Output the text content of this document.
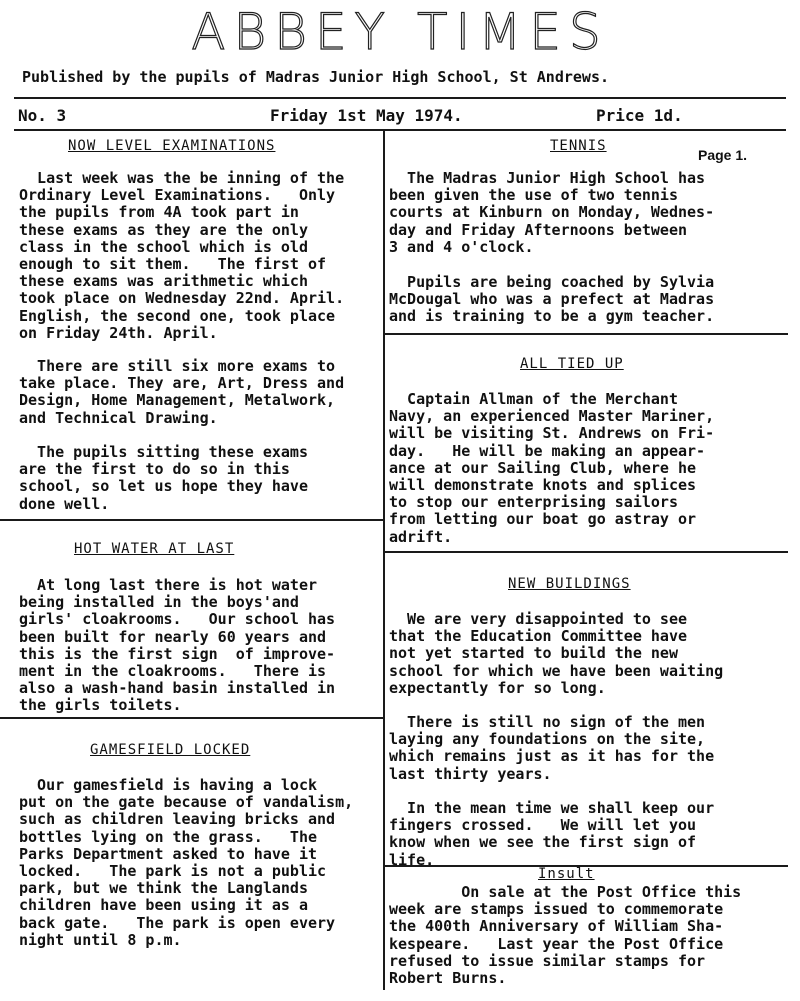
ABBEY TIMES
Published by the pupils of Madras Junior High School, St Andrews.
No. 3	Friday 1st May 1974.	Price 1d.
NOW LEVEL EXAMINATIONS
Last week was the be inning of the
Ordinary Level Examinations.   Only
the pupils from 4A took part in
these exams as they are the only
class in the school which is old
enough to sit them.   The first of
these exams was arithmetic which
took place on Wednesday 22nd. April.
English, the second one, took place
on Friday 24th. April.
There are still six more exams to
take place. They are, Art, Dress and
Design, Home Management, Metalwork,
and Technical Drawing.
The pupils sitting these exams
are the first to do so in this
school, so let us hope they have
done well.
HOT WATER AT LAST
At long last there is hot water
being installed in the boys'and
girls' cloakrooms.   Our school has
been built for nearly 60 years and
this is the first sign  of improve-
ment in the cloakrooms.   There is
also a wash-hand basin installed in
the girls toilets.
GAMESFIELD LOCKED
Our gamesfield is having a lock
put on the gate because of vandalism,
such as children leaving bricks and
bottles lying on the grass.   The
Parks Department asked to have it
locked.   The park is not a public
park, but we think the Langlands
children have been using it as a
back gate.   The park is open every
night until 8 p.m.
TENNIS
Page 1.
The Madras Junior High School has
been given the use of two tennis
courts at Kinburn on Monday, Wednes-
day and Friday Afternoons between
3 and 4 o'clock.
Pupils are being coached by Sylvia
McDougal who was a prefect at Madras
and is training to be a gym teacher.
ALL TIED UP
Captain Allman of the Merchant
Navy, an experienced Master Mariner,
will be visiting St. Andrews on Fri-
day.   He will be making an appear-
ance at our Sailing Club, where he
will demonstrate knots and splices
to stop our enterprising sailors
from letting our boat go astray or
adrift.
NEW BUILDINGS
We are very disappointed to see
that the Education Committee have
not yet started to build the new
school for which we have been waiting
expectantly for so long.
There is still no sign of the men
laying any foundations on the site,
which remains just as it has for the
last thirty years.
In the mean time we shall keep our
fingers crossed.   We will let you
know when we see the first sign of
life.
Insult
On sale at the Post Office this
week are stamps issued to commemorate
the 400th Anniversary of William Sha-
kespeare.   Last year the Post Office
refused to issue similar stamps for
Robert Burns.
